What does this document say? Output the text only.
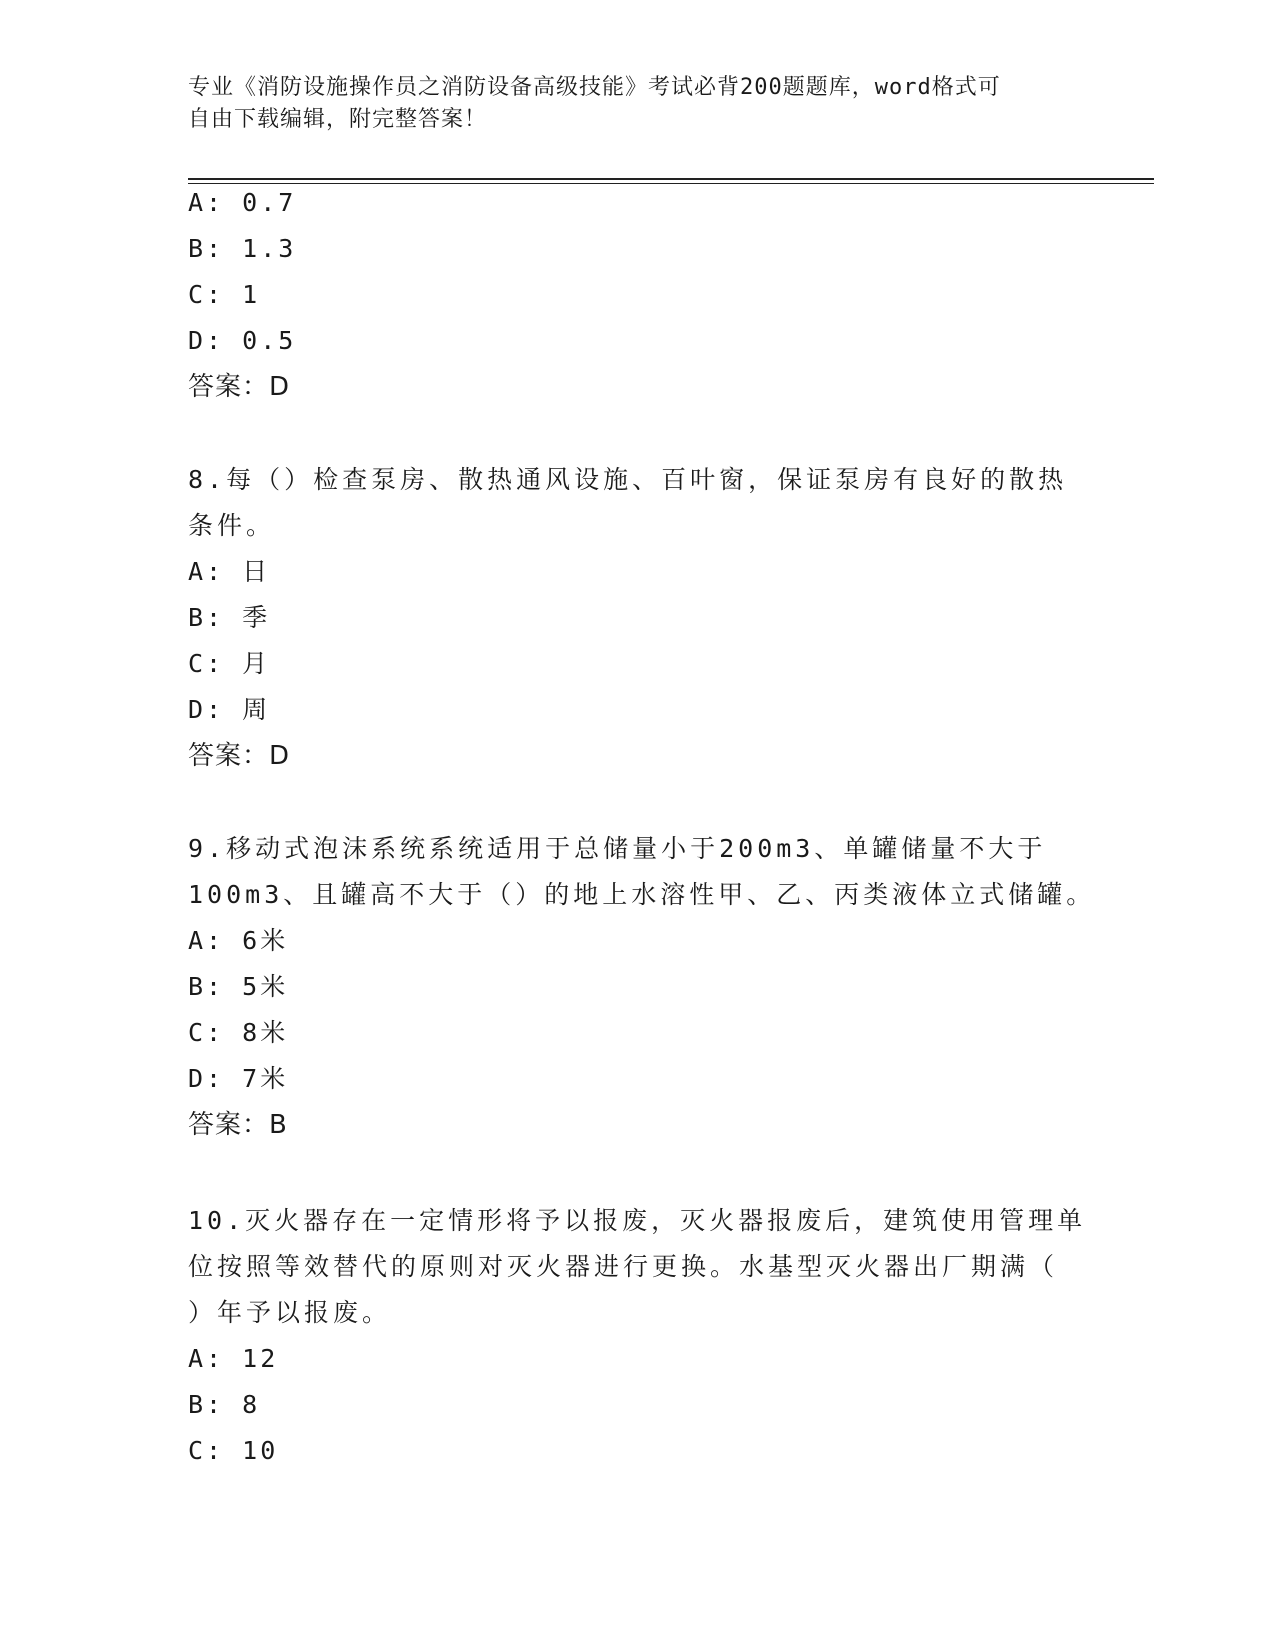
专业《消防设施操作员之消防设备高级技能》考试必背200题题库，word格式可
自由下载编辑，附完整答案！
A: 0.7
B: 1.3
C: 1
D: 0.5
答案：D
8.每（）检查泵房、散热通风设施、百叶窗，保证泵房有良好的散热
条件。
A: 日
B: 季
C: 月
D: 周
答案：D
9.移动式泡沫系统系统适用于总储量小于200m3、单罐储量不大于
100m3、且罐高不大于（）的地上水溶性甲、乙、丙类液体立式储罐。
A: 6米
B: 5米
C: 8米
D: 7米
答案：B
10.灭火器存在一定情形将予以报废，灭火器报废后，建筑使用管理单
位按照等效替代的原则对灭火器进行更换。水基型灭火器出厂期满（
）年予以报废。
A: 12
B: 8
C: 10
